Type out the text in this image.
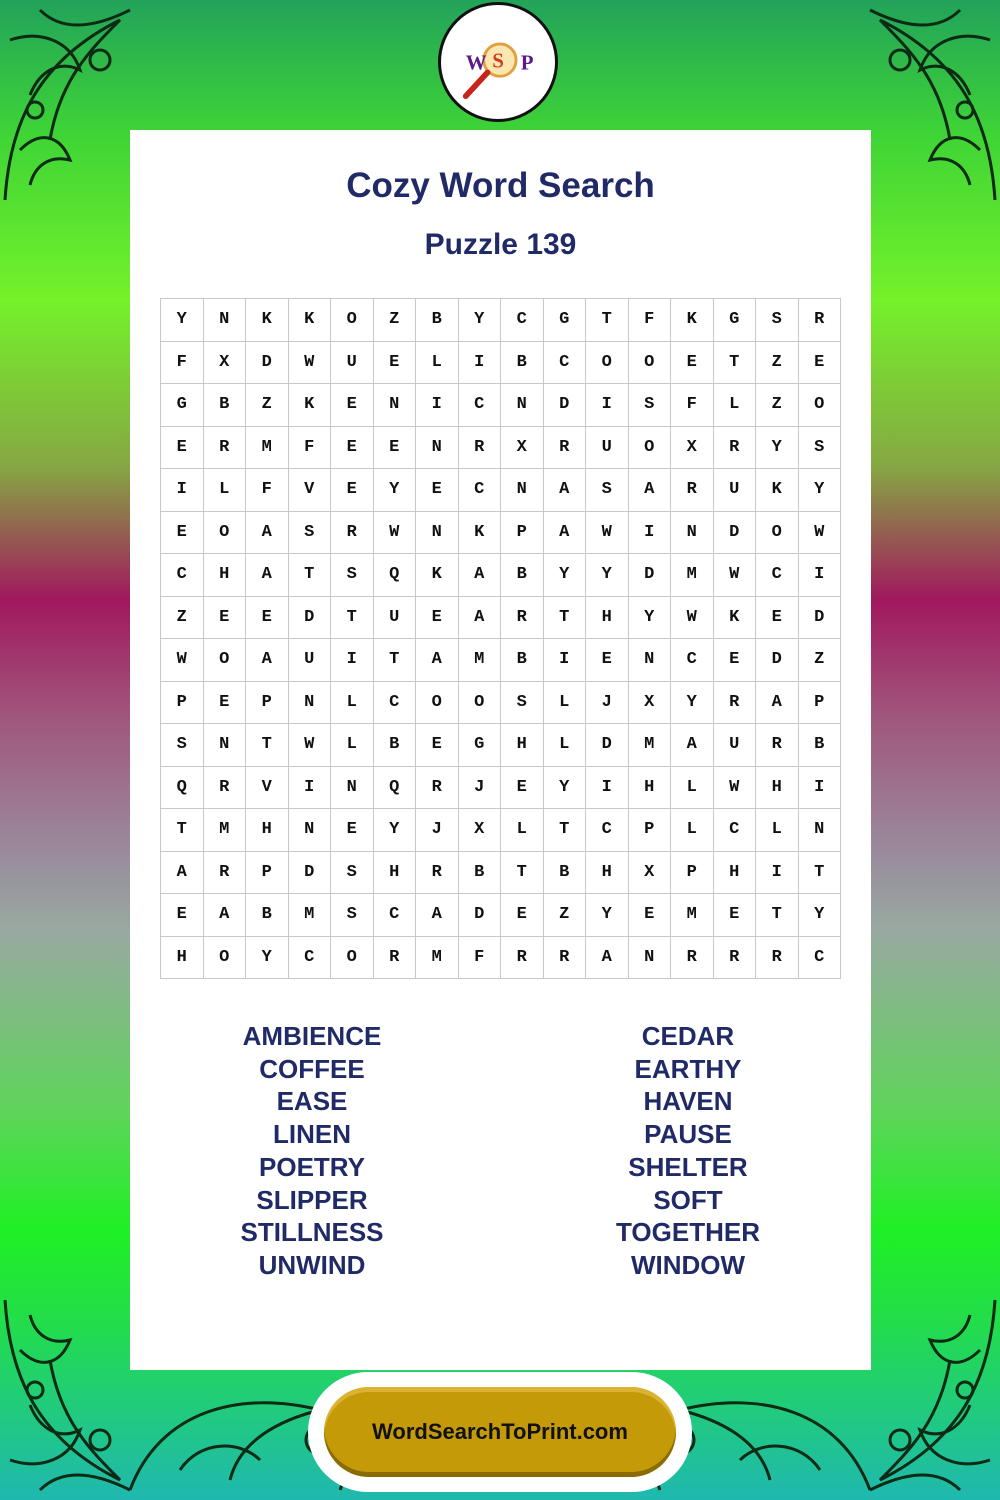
W S P
Cozy Word Search
Puzzle 139
Y	N	K	K	O	Z	B	Y	C	G	T	F	K	G	S	R
F	X	D	W	U	E	L	I	B	C	O	O	E	T	Z	E
G	B	Z	K	E	N	I	C	N	D	I	S	F	L	Z	O
E	R	M	F	E	E	N	R	X	R	U	O	X	R	Y	S
I	L	F	V	E	Y	E	C	N	A	S	A	R	U	K	Y
E	O	A	S	R	W	N	K	P	A	W	I	N	D	O	W
C	H	A	T	S	Q	K	A	B	Y	Y	D	M	W	C	I
Z	E	E	D	T	U	E	A	R	T	H	Y	W	K	E	D
W	O	A	U	I	T	A	M	B	I	E	N	C	E	D	Z
P	E	P	N	L	C	O	O	S	L	J	X	Y	R	A	P
S	N	T	W	L	B	E	G	H	L	D	M	A	U	R	B
Q	R	V	I	N	Q	R	J	E	Y	I	H	L	W	H	I
T	M	H	N	E	Y	J	X	L	T	C	P	L	C	L	N
A	R	P	D	S	H	R	B	T	B	H	X	P	H	I	T
E	A	B	M	S	C	A	D	E	Z	Y	E	M	E	T	Y
H	O	Y	C	O	R	M	F	R	R	A	N	R	R	R	C
AMBIENCE
COFFEE
EASE
LINEN
POETRY
SLIPPER
STILLNESS
UNWIND
CEDAR
EARTHY
HAVEN
PAUSE
SHELTER
SOFT
TOGETHER
WINDOW
WordSearchToPrint.com
